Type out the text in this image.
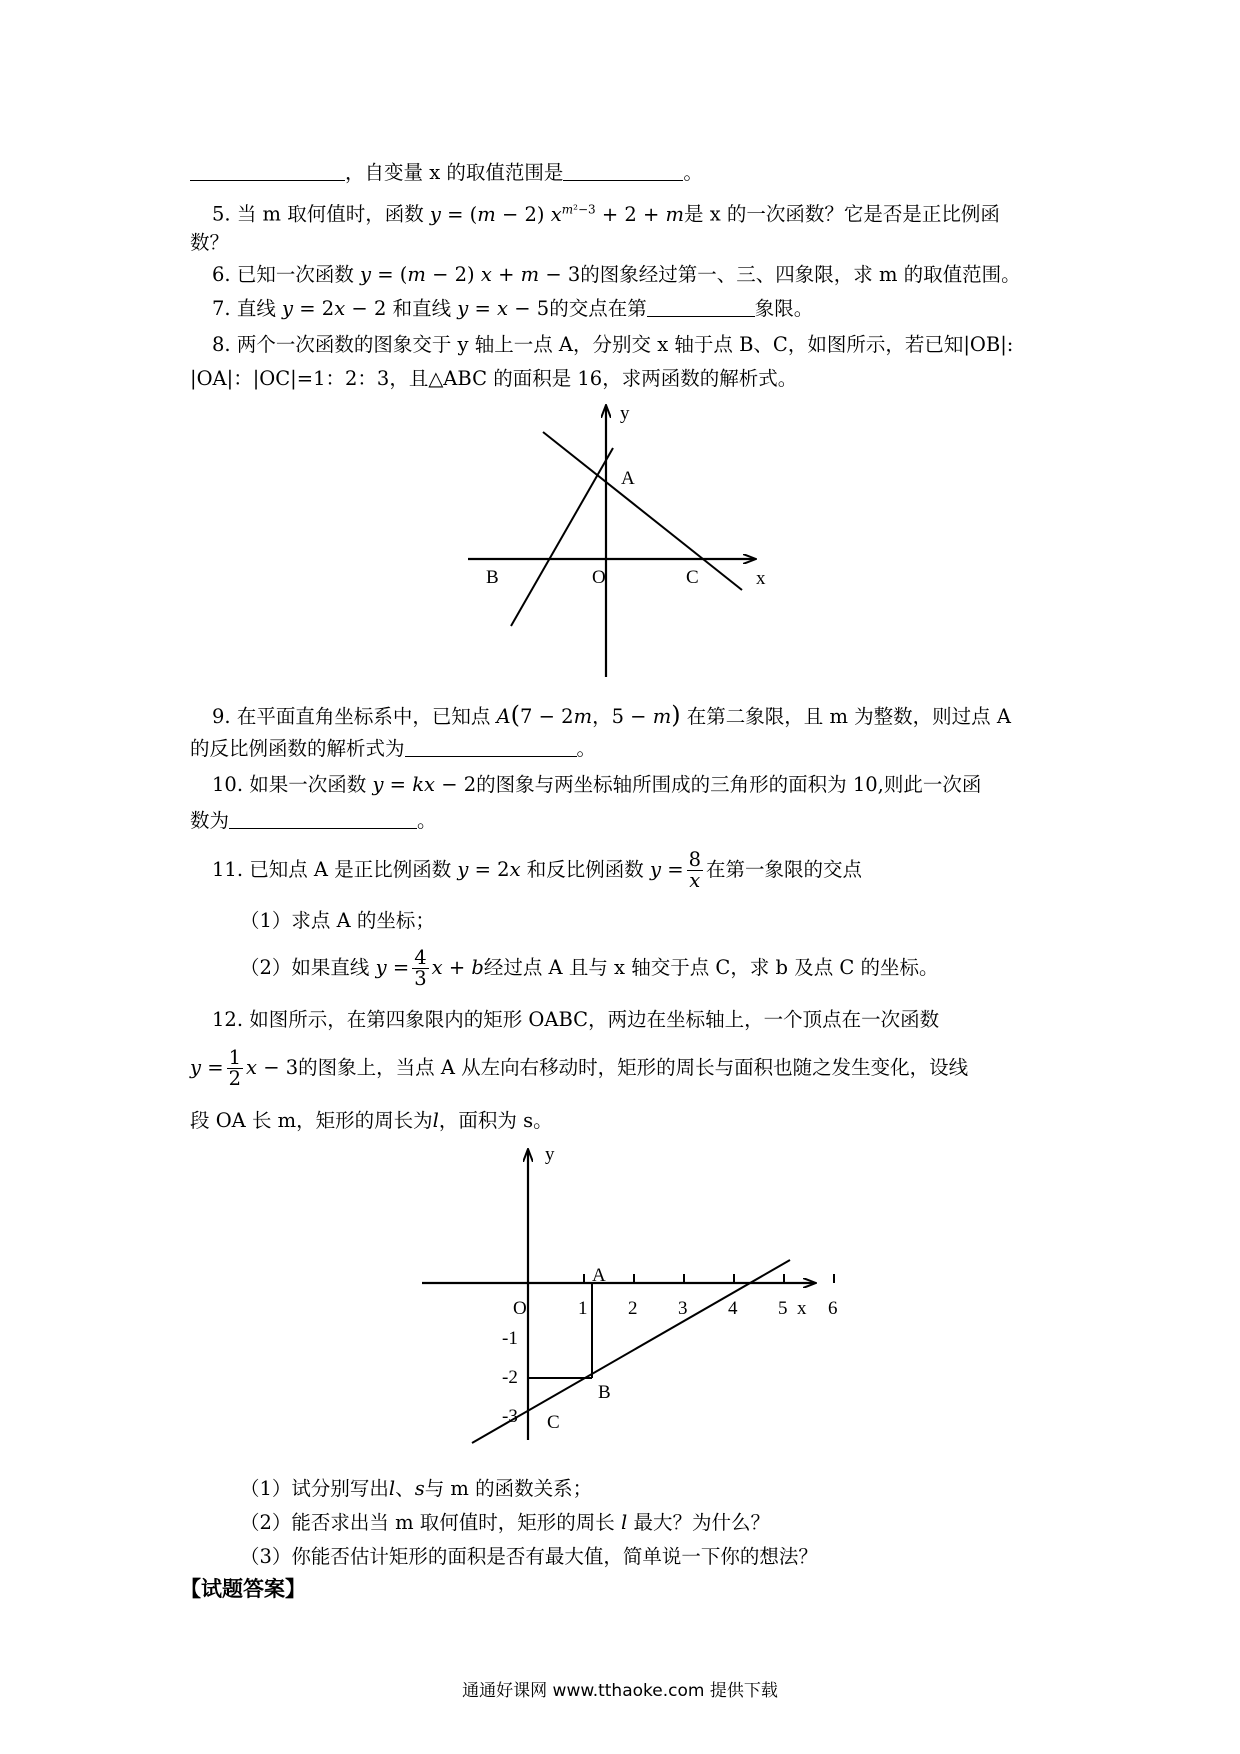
，自变量 x 的取值范围是	。
5. 当 m 取何值时，函数 y = (m − 2) $x^{m^2-3} + 2 + m$是 x 的一次函数？它是否是正比例函
数？
6. 已知一次函数 y = (m − 2) x + m − 3的图象经过第一、三、四象限，求 m 的取值范围。
7. 直线 y = 2x − 2 和直线 y = x − 5的交点在第	象限。
8. 两个一次函数的图象交于 y 轴上一点 A，分别交 x 轴于点 B、C，如图所示，若已知|OB|:
|OA|：|OC|=1：2：3，且△ABC 的面积是 16，求两函数的解析式。
y
A
B	O	C	x
9. 在平面直角坐标系中，已知点 A(7 − 2m，5 − m) 在第二象限，且 m 为整数，则过点 A
的反比例函数的解析式为	。
10. 如果一次函数 y = kx − 2的图象与两坐标轴所围成的三角形的面积为 10,则此一次函
数为	。
11. 已知点 A 是正比例函数 y = 2x 和反比例函数 $y = \frac{8}{x}$ 在第一象限的交点
（1）求点 A 的坐标；
（2）如果直线 $y = \frac{4}{3}$ x + b经过点 A 且与 x 轴交于点 C，求 b 及点 C 的坐标。
12. 如图所示，在第四象限内的矩形 OABC，两边在坐标轴上，一个顶点在一次函数
$y = \frac{1}{2}$ x − 3的图象上，当点 A 从左向右移动时，矩形的周长与面积也随之发生变化，设线
段 OA 长 m，矩形的周长为l，面积为 s。
y
O
A
B
C
x
-1
-2
-3
1 2 3 4 5 6
（1）试分别写出l、s与 m 的函数关系；
（2）能否求出当 m 取何值时，矩形的周长 l 最大？为什么？
（3）你能否估计矩形的面积是否有最大值，简单说一下你的想法？
【试题答案】
通通好课网 www.tthaoke.com 提供下载
